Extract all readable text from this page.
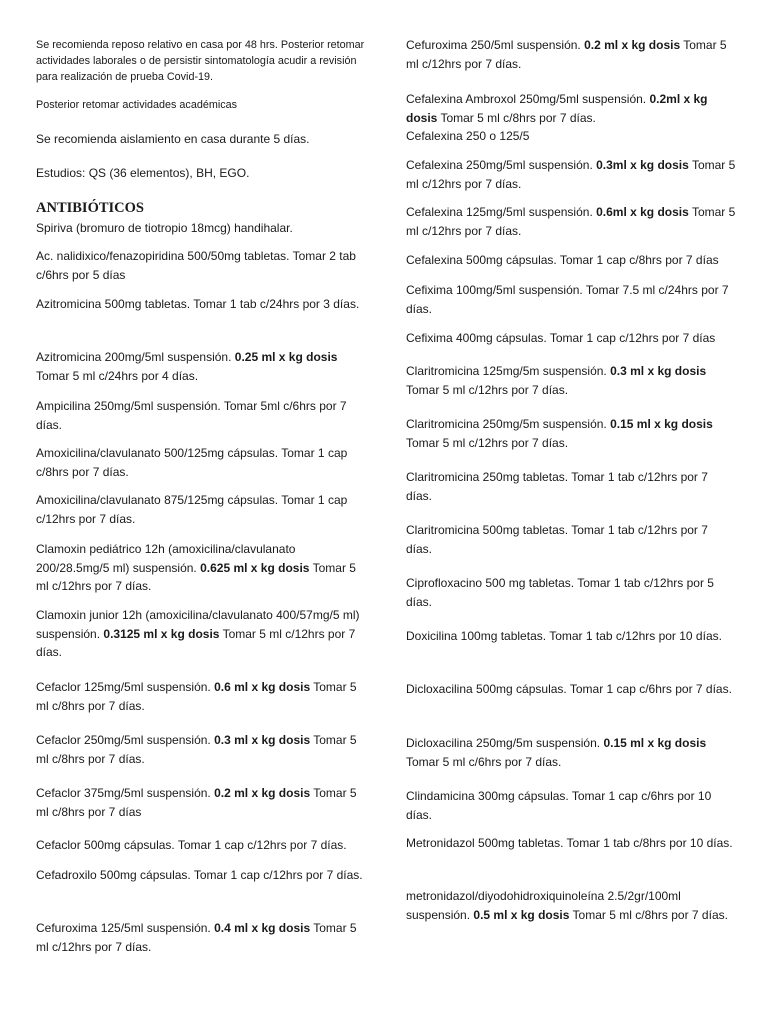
Se recomienda reposo relativo en casa por 48 hrs. Posterior retomar actividades laborales o de persistir sintomatología acudir a revisión para realización de prueba Covid-19.

Posterior retomar actividades académicas

Se recomienda aislamiento en casa durante 5 días.

Estudios: QS (36 elementos), BH, EGO.

ANTIBIÓTICOS

Spiriva (bromuro de tiotropio 18mcg) handihalar.

Ac. nalidixico/fenazopiridina 500/50mg tabletas. Tomar 2 tab c/6hrs por 5 días

Azitromicina 500mg tabletas. Tomar 1 tab c/24hrs por 3 días.

Azitromicina 200mg/5ml suspensión. 0.25 ml x kg dosis Tomar 5 ml c/24hrs por 4 días.

Ampicilina 250mg/5ml suspensión. Tomar 5ml c/6hrs por 7 días.

Amoxicilina/clavulanato 500/125mg cápsulas. Tomar 1 cap c/8hrs por 7 días.

Amoxicilina/clavulanato 875/125mg cápsulas. Tomar 1 cap c/12hrs por 7 días.

Clamoxin pediátrico 12h (amoxicilina/clavulanato 200/28.5mg/5 ml) suspensión. 0.625 ml x kg dosis Tomar 5 ml c/12hrs por 7 días.

Clamoxin junior 12h (amoxicilina/clavulanato 400/57mg/5 ml) suspensión. 0.3125 ml x kg dosis Tomar 5 ml c/12hrs por 7 días.

Cefaclor 125mg/5ml suspensión. 0.6 ml x kg dosis Tomar 5 ml c/8hrs por 7 días.

Cefaclor 250mg/5ml suspensión. 0.3 ml x kg dosis Tomar 5 ml c/8hrs por 7 días.

Cefaclor 375mg/5ml suspensión. 0.2 ml x kg dosis Tomar 5 ml c/8hrs por 7 días

Cefaclor 500mg cápsulas. Tomar 1 cap c/12hrs por 7 días.

Cefadroxilo 500mg cápsulas. Tomar 1 cap c/12hrs por 7 días.

Cefuroxima 125/5ml suspensión. 0.4 ml x kg dosis Tomar 5 ml c/12hrs por 7 días.

Cefuroxima 250/5ml suspensión. 0.2 ml x kg dosis Tomar 5 ml c/12hrs por 7 días.

Cefalexina Ambroxol 250mg/5ml suspensión. 0.2ml x kg dosis Tomar 5 ml c/8hrs por 7 días.

Cefalexina 250 o 125/5

Cefalexina 250mg/5ml suspensión. 0.3ml x kg dosis Tomar 5 ml c/12hrs por 7 días.

Cefalexina 125mg/5ml suspensión. 0.6ml x kg dosis Tomar 5 ml c/12hrs por 7 días.

Cefalexina 500mg cápsulas. Tomar 1 cap c/8hrs por 7 días

Cefixima 100mg/5ml suspensión. Tomar 7.5 ml c/24hrs por 7 días.

Cefixima 400mg cápsulas. Tomar 1 cap c/12hrs por 7 días

Claritromicina 125mg/5m suspensión. 0.3 ml x kg dosis Tomar 5 ml c/12hrs por 7 días.

Claritromicina 250mg/5m suspensión. 0.15 ml x kg dosis Tomar 5 ml c/12hrs por 7 días.

Claritromicina 250mg tabletas. Tomar 1 tab c/12hrs por 7 días.

Claritromicina 500mg tabletas. Tomar 1 tab c/12hrs por 7 días.

Ciprofloxacino 500 mg tabletas. Tomar 1 tab c/12hrs por 5 días.

Doxicilina 100mg tabletas. Tomar 1 tab c/12hrs por 10 días.

Dicloxacilina 500mg cápsulas. Tomar 1 cap c/6hrs por 7 días.

Dicloxacilina 250mg/5m suspensión. 0.15 ml x kg dosis Tomar 5 ml c/6hrs por 7 días.

Clindamicina 300mg cápsulas. Tomar 1 cap c/6hrs por 10 días.

Metronidazol 500mg tabletas. Tomar 1 tab c/8hrs por 10 días.

metronidazol/diyodohidroxiquinoleína 2.5/2gr/100ml suspensión. 0.5 ml x kg dosis Tomar 5 ml c/8hrs por 7 días.
